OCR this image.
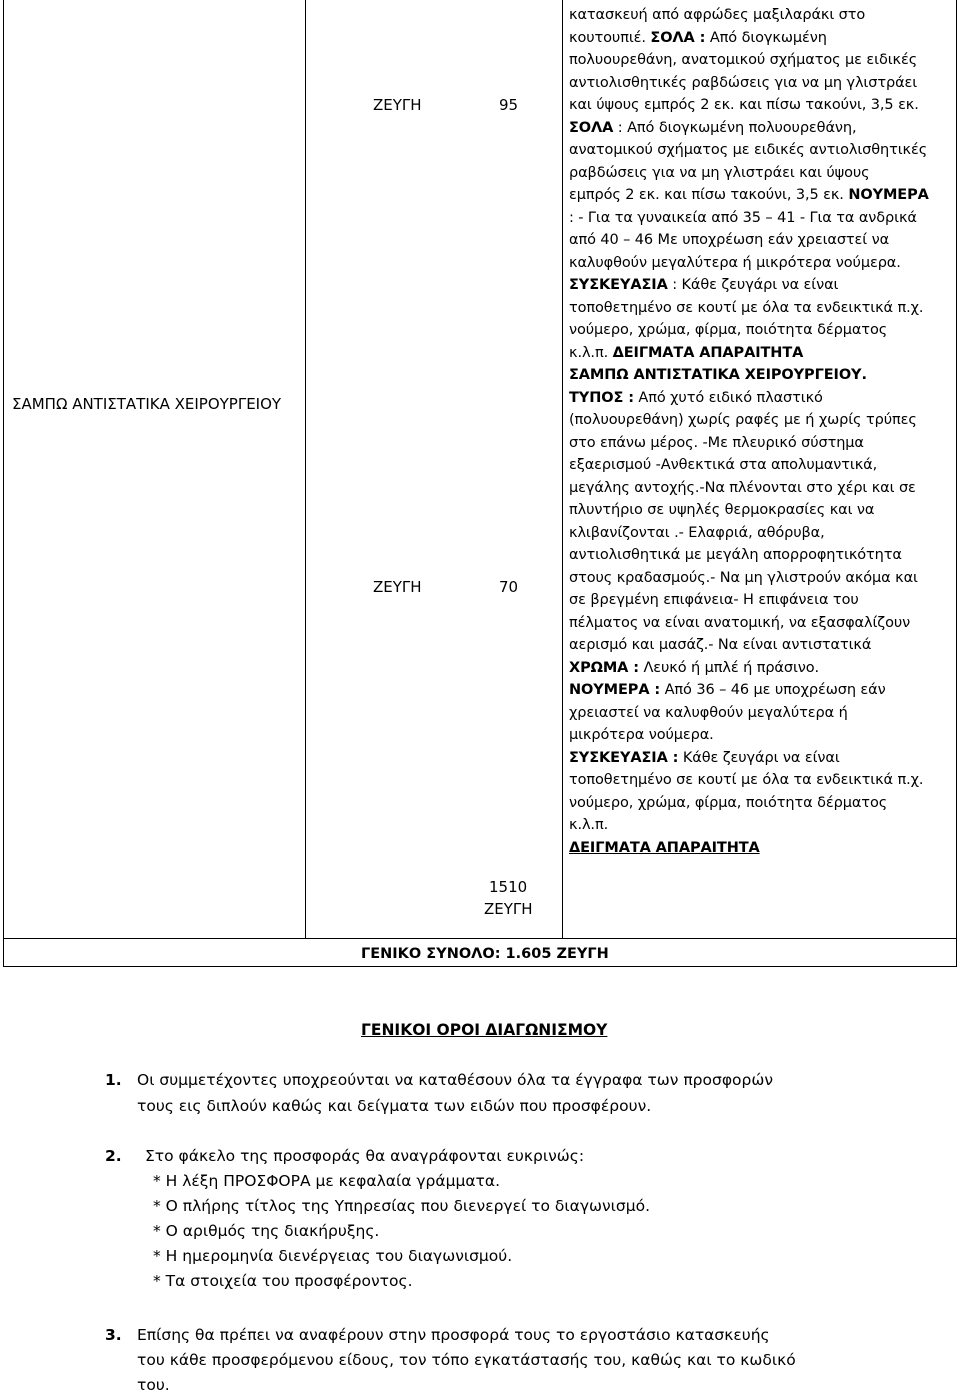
ΣΑΜΠΩ ΑΝΤΙΣΤΑΤΙΚΑ ΧΕΙΡΟΥΡΓΕΙΟΥ
ΖΕΥΓΗ	95
ΖΕΥΓΗ	70
1510
ΖΕΥΓΗ
κατασκευή από αφρώδες μαξιλαράκι στο
κουτουπιέ. ΣΟΛΑ : Από διογκωμένη
πολυουρεθάνη, ανατομικού σχήματος με ειδικές
αντιολισθητικές ραβδώσεις για να μη γλιστράει
και ύψους εμπρός 2 εκ. και πίσω τακούνι, 3,5 εκ.
ΣΟΛΑ : Από διογκωμένη πολυουρεθάνη,
ανατομικού σχήματος με ειδικές αντιολισθητικές
ραβδώσεις για να μη γλιστράει και ύψους
εμπρός 2 εκ. και πίσω τακούνι, 3,5 εκ. ΝΟΥΜΕΡΑ
: - Για τα γυναικεία από 35 – 41 - Για τα ανδρικά
από 40 – 46 Με υποχρέωση εάν χρειαστεί να
καλυφθούν μεγαλύτερα ή μικρότερα νούμερα.
ΣΥΣΚΕΥΑΣΙΑ : Κάθε ζευγάρι να είναι
τοποθετημένο σε κουτί με όλα τα ενδεικτικά π.χ.
νούμερο, χρώμα, φίρμα, ποιότητα δέρματος
κ.λ.π. ΔΕΙΓΜΑΤΑ ΑΠΑΡΑΙΤΗΤΑ
ΣΑΜΠΩ ΑΝΤΙΣΤΑΤΙΚΑ ΧΕΙΡΟΥΡΓΕΙΟΥ.
ΤΥΠΟΣ : Από χυτό ειδικό πλαστικό
(πολυουρεθάνη) χωρίς ραφές με ή χωρίς τρύπες
στο επάνω μέρος. -Με πλευρικό σύστημα
εξαερισμού -Ανθεκτικά στα απολυμαντικά,
μεγάλης αντοχής.-Να πλένονται στο χέρι και σε
πλυντήριο σε υψηλές θερμοκρασίες και να
κλιβανίζονται .- Ελαφριά, αθόρυβα,
αντιολισθητικά με μεγάλη απορροφητικότητα
στους κραδασμούς.- Να μη γλιστρούν ακόμα και
σε βρεγμένη επιφάνεια- Η επιφάνεια του
πέλματος να είναι ανατομική, να εξασφαλίζουν
αερισμό και μασάζ.- Να είναι αντιστατικά
ΧΡΩΜΑ : Λευκό ή μπλέ ή πράσινο.
ΝΟΥΜΕΡΑ : Από 36 – 46 με υποχρέωση εάν
χρειαστεί να καλυφθούν μεγαλύτερα ή
μικρότερα νούμερα.
ΣΥΣΚΕΥΑΣΙΑ : Κάθε ζευγάρι να είναι
τοποθετημένο σε κουτί με όλα τα ενδεικτικά π.χ.
νούμερο, χρώμα, φίρμα, ποιότητα δέρματος
κ.λ.π.
ΔΕΙΓΜΑΤΑ ΑΠΑΡΑΙΤΗΤΑ
ΓΕΝΙΚΟ ΣΥΝΟΛΟ: 1.605 ΖΕΥΓΗ
ΓΕΝΙΚΟΙ ΟΡΟΙ ΔΙΑΓΩΝΙΣΜΟΥ
1. Οι συμμετέχοντες υποχρεούνται να καταθέσουν όλα τα έγγραφα των προσφορών
τους εις διπλούν καθώς και δείγματα των ειδών που προσφέρουν.
2. Στο φάκελο της προσφοράς θα αναγράφονται ευκρινώς:
* Η λέξη ΠΡΟΣΦΟΡΑ με κεφαλαία γράμματα.
* Ο πλήρης τίτλος της Υπηρεσίας που διενεργεί το διαγωνισμό.
* Ο αριθμός της διακήρυξης.
* Η ημερομηνία διενέργειας του διαγωνισμού.
* Τα στοιχεία του προσφέροντος.
3. Επίσης θα πρέπει να αναφέρουν στην προσφορά τους το εργοστάσιο κατασκευής
του κάθε προσφερόμενου είδους, τον τόπο εγκατάστασής του, καθώς και το κωδικό
του.
